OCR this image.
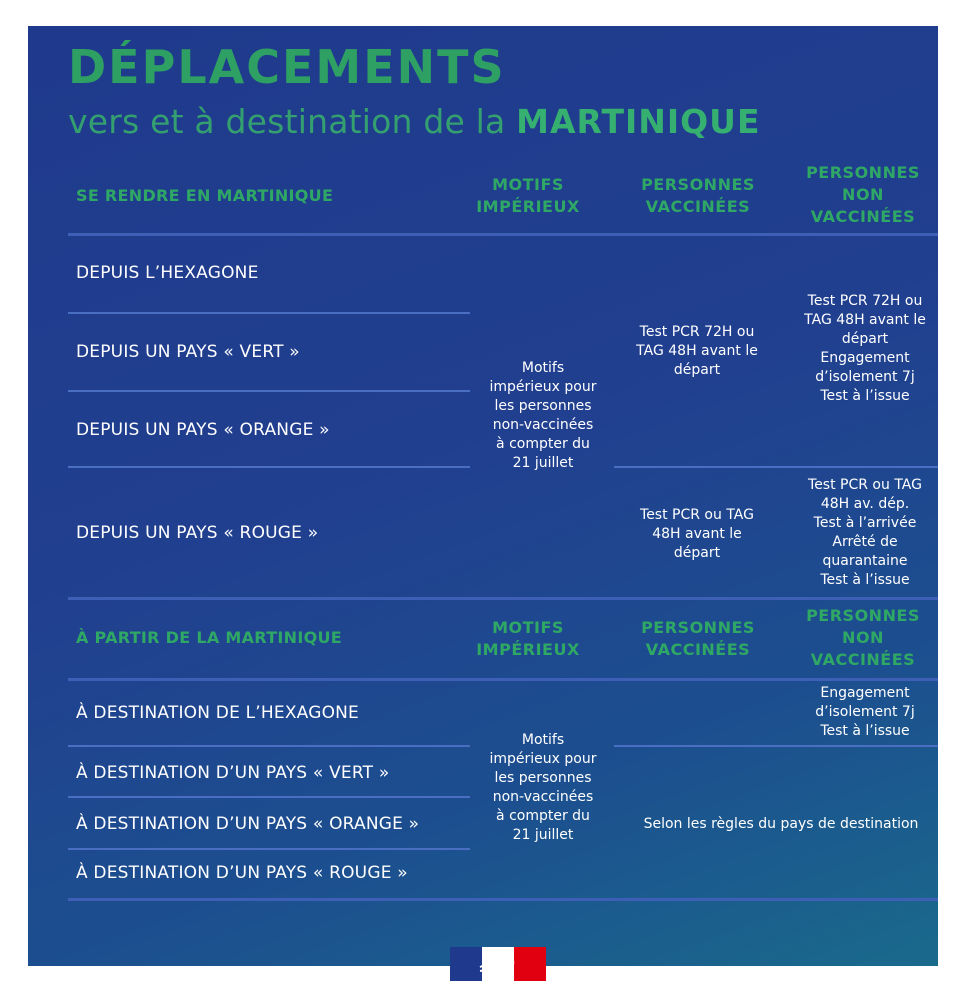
DÉPLACEMENTS
vers et à destination de la MARTINIQUE
SE RENDRE EN MARTINIQUE
MOTIFS
IMPÉRIEUX
PERSONNES
VACCINÉES
PERSONNES
NON
VACCINÉES
DEPUIS L’HEXAGONE
DEPUIS UN PAYS « VERT »
DEPUIS UN PAYS « ORANGE »
DEPUIS UN PAYS « ROUGE »
Motifs
impérieux pour
les personnes
non-vaccinées
à compter du
21 juillet
Test PCR 72H ou
TAG 48H avant le
départ
Test PCR 72H ou
TAG 48H avant le
départ
Engagement
d’isolement 7j
Test à l’issue
Test PCR ou TAG
48H avant le
départ
Test PCR ou TAG
48H av. dép.
Test à l’arrivée
Arrêté de
quarantaine
Test à l’issue
À PARTIR DE LA MARTINIQUE
MOTIFS
IMPÉRIEUX
PERSONNES
VACCINÉES
PERSONNES
NON
VACCINÉES
À DESTINATION DE L’HEXAGONE
À DESTINATION D’UN PAYS « VERT »
À DESTINATION D’UN PAYS « ORANGE »
À DESTINATION D’UN PAYS « ROUGE »
Motifs
impérieux pour
les personnes
non-vaccinées
à compter du
21 juillet
Engagement
d’isolement 7j
Test à l’issue
Selon les règles du pays de destination
